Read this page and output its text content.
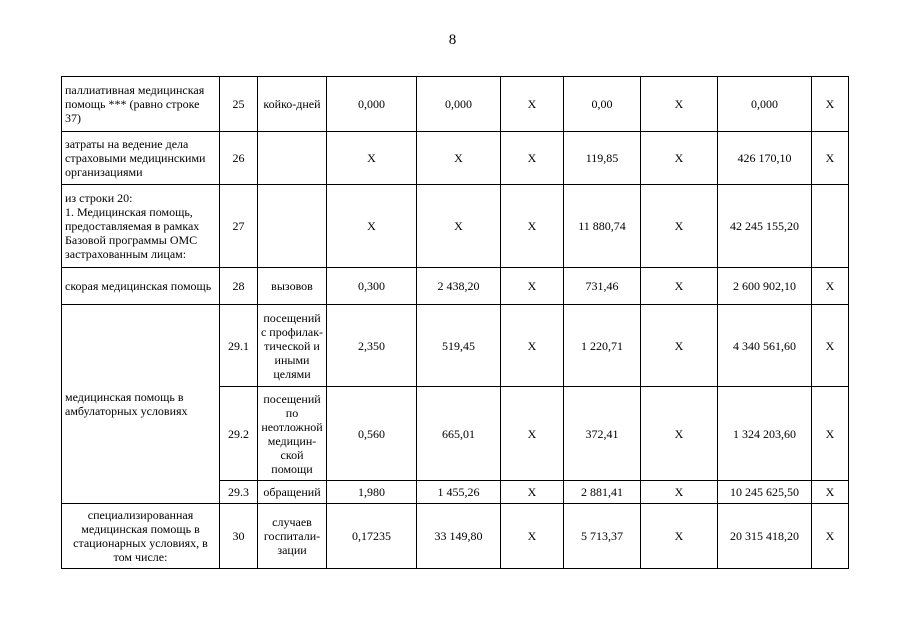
8
паллиативная медицинская помощь *** (равно строке 37)	25	койко-дней	0,000	0,000	Х	0,00	Х	0,000	Х
затраты на ведение дела страховыми медицинскими организациями	26		Х	Х	Х	119,85	Х	426 170,10	Х
из строки 20:
1. Медицинская помощь, предоставляемая в рамках Базовой программы ОМС застрахованным лицам:	27		Х	Х	Х	11 880,74	Х	42 245 155,20	
скорая медицинская помощь	28	вызовов	0,300	2 438,20	Х	731,46	Х	2 600 902,10	Х
медицинская помощь в амбулаторных условиях	29.1	посещений с профилак-тической и иными целями	2,350	519,45	Х	1 220,71	Х	4 340 561,60	Х
	29.2	посещений по неотложной медицин-ской помощи	0,560	665,01	Х	372,41	Х	1 324 203,60	Х
	29.3	обращений	1,980	1 455,26	Х	2 881,41	Х	10 245 625,50	Х
специализированная медицинская помощь в стационарных условиях, в том числе:	30	случаев госпитали-зации	0,17235	33 149,80	Х	5 713,37	Х	20 315 418,20	Х
